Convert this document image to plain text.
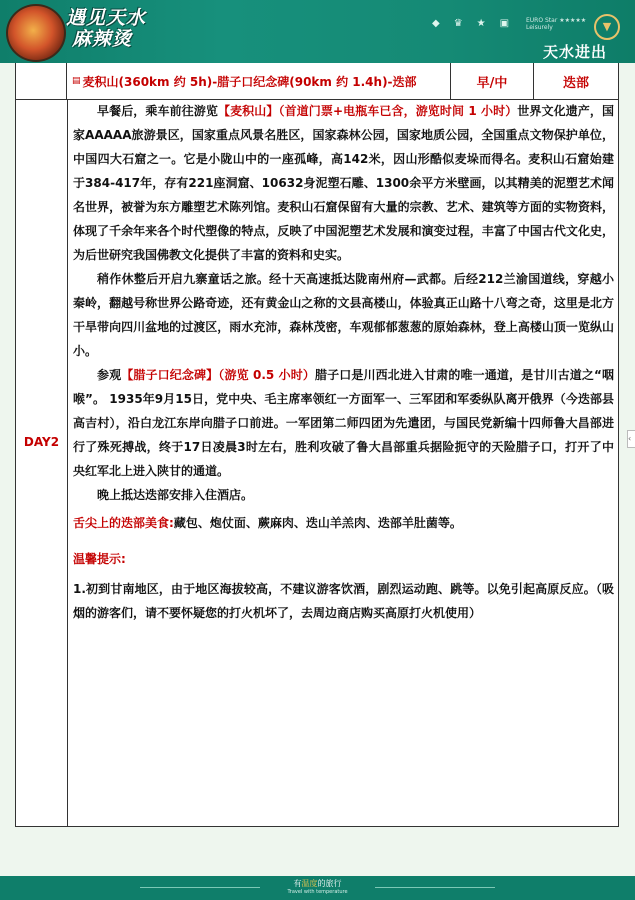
遇见天水
麻辣烫
◆ ♛ ★ ▣	EURO Star ★★★★★
Leisurely	▼
天水进出
▤ 麦积山(360km 约 5h)-腊子口纪念碑(90km 约 1.4h)-迭部	早/中	迭部
DAY2

早餐后，乘车前往游览【麦积山】（首道门票+电瓶车已含，游览时间 1 小时）世界文化遗产，国家AAAAA旅游景区，国家重点风景名胜区，国家森林公园，国家地质公园，全国重点文物保护单位，中国四大石窟之一。它是小陇山中的一座孤峰，高142米，因山形酷似麦垛而得名。麦积山石窟始建于384-417年，存有221座洞窟、10632身泥塑石雕、1300余平方米壁画，以其精美的泥塑艺术闻名世界，被誉为东方雕塑艺术陈列馆。麦积山石窟保留有大量的宗教、艺术、建筑等方面的实物资料，体现了千余年来各个时代塑像的特点，反映了中国泥塑艺术发展和演变过程，丰富了中国古代文化史，为后世研究我国佛教文化提供了丰富的资料和史实。

稍作休整后开启九寨童话之旅。经十天高速抵达陇南州府—武都。后经212兰渝国道线，穿越小秦岭，翻越号称世界公路奇迹，还有黄金山之称的文县高楼山，体验真正山路十八弯之奇，这里是北方干旱带向四川盆地的过渡区，雨水充沛，森林茂密，车观郁郁葱葱的原始森林，登上高楼山顶一览纵山小。

参观【腊子口纪念碑】（游览 0.5 小时）腊子口是川西北进入甘肃的唯一通道，是甘川古道之“咽喉”。 1935年9月15日，党中央、毛主席率领红一方面军一、三军团和军委纵队离开俄界（今迭部县高吉村），沿白龙江东岸向腊子口前进。一军团第二师四团为先遣团，与国民党新编十四师鲁大昌部进行了殊死搏战，终于17日凌晨3时左右，胜利攻破了鲁大昌部重兵据险扼守的天险腊子口，打开了中央红军北上进入陕甘的通道。

晚上抵达迭部安排入住酒店。

舌尖上的迭部美食:藏包、炮仗面、蕨麻肉、迭山羊羔肉、迭部羊肚菌等。

温馨提示:

1.初到甘南地区，由于地区海拔较高，不建议游客饮酒，剧烈运动跑、跳等。以免引起高原反应。（吸烟的游客们，请不要怀疑您的打火机坏了，去周边商店购买高原打火机使用）

‹
有温度的旅行
Travel with temperature
